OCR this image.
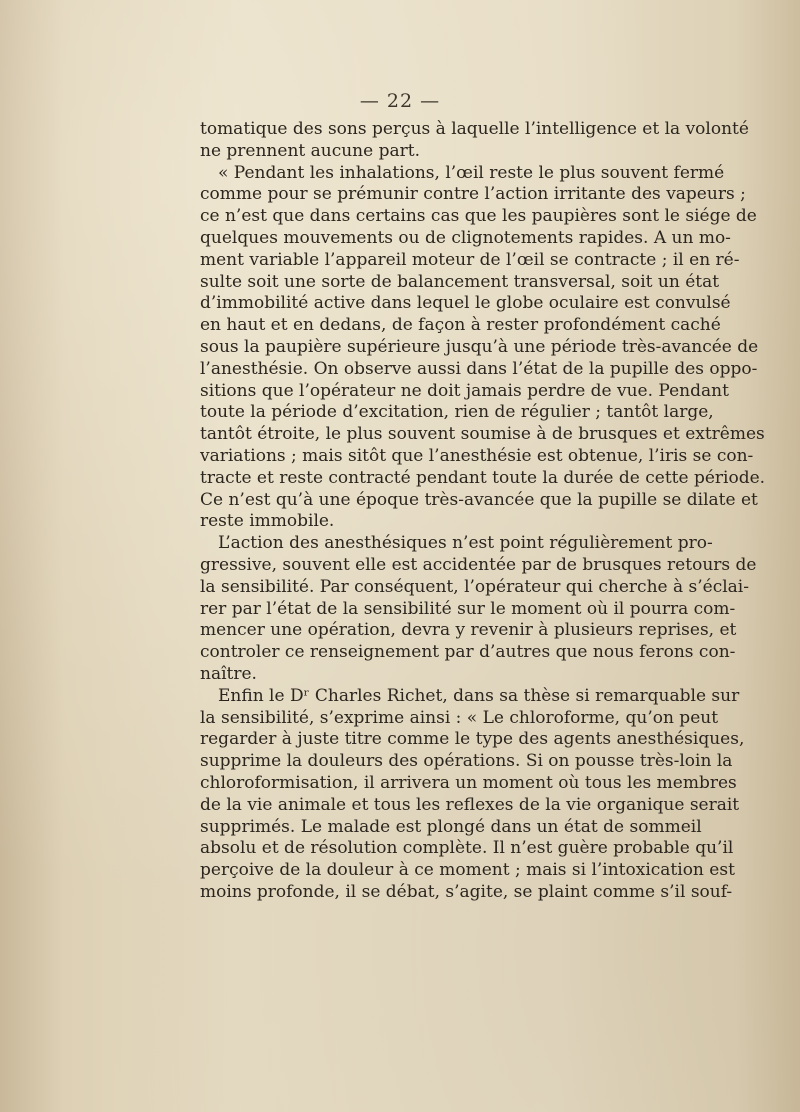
— 22 —
tomatique des sons perçus à laquelle l’intelligence et la volonté
ne prennent aucune part.
« Pendant les inhalations, l’œil reste le plus souvent fermé
comme pour se prémunir contre l’action irritante des vapeurs ;
ce n’est que dans certains cas que les paupières sont le siége de
quelques mouvements ou de clignotements rapides. A un mo-
ment variable l’appareil moteur de l’œil se contracte ; il en ré-
sulte soit une sorte de balancement transversal, soit un état
d’immobilité active dans lequel le globe oculaire est convulsé
en haut et en dedans, de façon à rester profondément caché
sous la paupière supérieure jusqu’à une période très-avancée de
l’anesthésie. On observe aussi dans l’état de la pupille des oppo-
sitions que l’opérateur ne doit jamais perdre de vue. Pendant
toute la période d’excitation, rien de régulier ; tantôt large,
tantôt étroite, le plus souvent soumise à de brusques et extrêmes
variations ; mais sitôt que l’anesthésie est obtenue, l’iris se con-
tracte et reste contracté pendant toute la durée de cette période.
Ce n’est qu’à une époque très-avancée que la pupille se dilate et
reste immobile.
L’action des anesthésiques n’est point régulièrement pro-
gressive, souvent elle est accidentée par de brusques retours de
la sensibilité. Par conséquent, l’opérateur qui cherche à s’éclai-
rer par l’état de la sensibilité sur le moment où il pourra com-
mencer une opération, devra y revenir à plusieurs reprises, et
controler ce renseignement par d’autres que nous ferons con-
naître.
Enfin le Dʳ Charles Richet, dans sa thèse si remarquable sur
la sensibilité, s’exprime ainsi : « Le chloroforme, qu’on peut
regarder à juste titre comme le type des agents anesthésiques,
supprime la douleurs des opérations. Si on pousse très-loin la
chloroformisation, il arrivera un moment où tous les membres
de la vie animale et tous les reflexes de la vie organique serait
supprimés. Le malade est plongé dans un état de sommeil
absolu et de résolution complète. Il n’est guère probable qu’il
perçoive de la douleur à ce moment ; mais si l’intoxication est
moins profonde, il se débat, s’agite, se plaint comme s’il souf-
